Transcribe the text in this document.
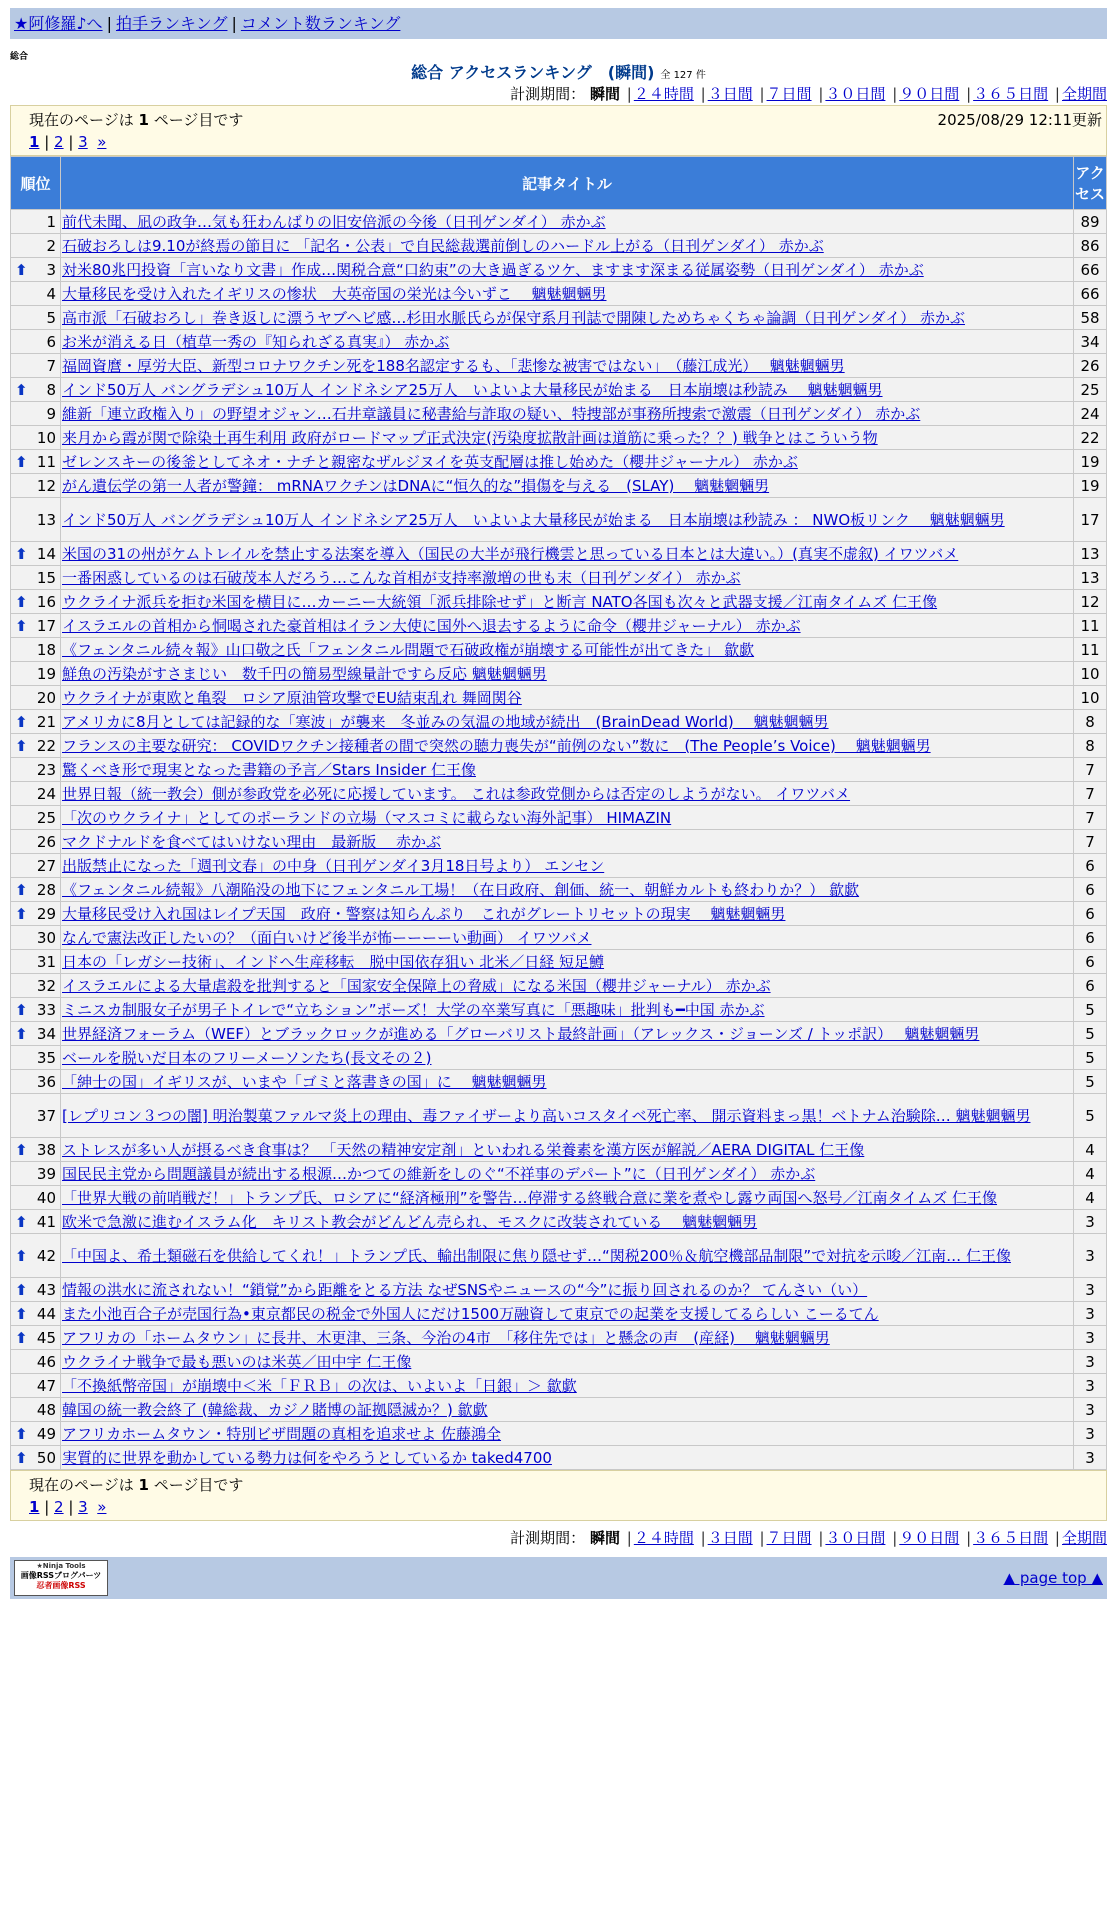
★阿修羅♪へ | 拍手ランキング | コメント数ランキング
総合
総合 アクセスランキング　(瞬間) 全 127 件
計測期間： 瞬間 | ２４時間 | ３日間 | ７日間 | ３０日間 | ９０日間 | ３６５日間 | 全期間
現在のページは 1 ページ目です	2025/08/29 12:11更新
1 | 2 | 3 »
順位	記事タイトル	アクセス
1	前代未聞、凪の政争…気も狂わんばりの旧安倍派の今後（日刊ゲンダイ） 赤かぶ	89
2	石破おろしは9.10が終焉の節目に 「記名・公表」で自民総裁選前倒しのハードル上がる（日刊ゲンダイ） 赤かぶ	86

⬆ 3	対米80兆円投資「言いなり文書」作成…関税合意“口約束”の大き過ぎるツケ、ますます深まる従属姿勢（日刊ゲンダイ） 赤かぶ	66
4	大量移民を受け入れたイギリスの惨状　大英帝国の栄光は今いずこ　 魑魅魍魎男	66
5	高市派「石破おろし」巻き返しに漂うヤブヘビ感…杉田水脈氏らが保守系月刊誌で開陳しためちゃくちゃ論調（日刊ゲンダイ） 赤かぶ	58
6	お米が消える日（植草一秀の『知られざる真実』） 赤かぶ	34
7	福岡資麿・厚労大臣、新型コロナワクチン死を188名認定するも、「悲惨な被害ではない」　（藤江成光）　 魑魅魍魎男	26

⬆ 8	インド50万人 バングラデシュ10万人 インドネシア25万人　いよいよ大量移民が始まる　日本崩壊は秒読み　 魑魅魍魎男	25
9	維新「連立政権入り」の野望オジャン…石井章議員に秘書給与詐取の疑い、特捜部が事務所捜索で激震（日刊ゲンダイ） 赤かぶ	24
10	来月から霞が関で除染土再生利用 政府がロードマップ正式決定(汚染度拡散計画は道筋に乗った？？) 戦争とはこういう物	22

⬆ 11	ゼレンスキーの後釜としてネオ・ナチと親密なザルジヌイを英支配層は推し始めた（櫻井ジャーナル） 赤かぶ	19
12	がん遺伝学の第一人者が警鐘： mRNAワクチンはDNAに“恒久的な”損傷を与える　(SLAY)　 魑魅魍魎男	19
13	インド50万人 バングラデシュ10万人 インドネシア25万人　いよいよ大量移民が始まる　日本崩壊は秒読み ： NWO板リンク　 魑魅魍魎男	17

⬆ 14	米国の31の州がケムトレイルを禁止する法案を導入（国民の大半が飛行機雲と思っている日本とは大違い。）(真実不虚叙) イワツバメ	13
15	一番困惑しているのは石破茂本人だろう…こんな首相が支持率激増の世も末（日刊ゲンダイ） 赤かぶ	13

⬆ 16	ウクライナ派兵を拒む米国を横目に…カーニー大統領「派兵排除せず」と断言 NATO各国も次々と武器支援／江南タイムズ 仁王像	12

⬆ 17	イスラエルの首相から恫喝された豪首相はイラン大使に国外へ退去するように命令（櫻井ジャーナル） 赤かぶ	11
18	《フェンタニル続々報》山口敬之氏「フェンタニル問題で石破政権が崩壊する可能性が出てきた」 歙歔	11
19	鮮魚の汚染がすさまじい　数千円の簡易型線量計ですら反応 魑魅魍魎男	10
20	ウクライナが東欧と亀裂　ロシア原油管攻撃でEU結束乱れ 舞岡関谷	10

⬆ 21	アメリカに8月としては記録的な「寒波」が襲来　冬並みの気温の地域が続出　(BrainDead World)　 魑魅魍魎男	8

⬆ 22	フランスの主要な研究： COVIDワクチン接種者の間で突然の聴力喪失が“前例のない”数に　(The People’s Voice)　 魑魅魍魎男	8
23	驚くべき形で現実となった書籍の予言／Stars Insider 仁王像	7
24	世界日報（統一教会）側が参政党を必死に応援しています。 これは参政党側からは否定のしようがない。 イワツバメ	7
25	「次のウクライナ」としてのポーランドの立場（マスコミに載らない海外記事） HIMAZIN	7
26	マクドナルドを食べてはいけない理由　最新版　 赤かぶ	7
27	出版禁止になった「週刊文春」の中身（日刊ゲンダイ3月18日号より） エンセン	6

⬆ 28	《フェンタニル続報》八潮陥没の地下にフェンタニル工場！（在日政府、創価、統一、朝鮮カルトも終わりか？） 歙歔	6

⬆ 29	大量移民受け入れ国はレイプ天国　政府・警察は知らんぷり　これがグレートリセットの現実　 魑魅魍魎男	6
30	なんで憲法改正したいの？（面白いけど後半が怖ーーーーい動画） イワツバメ	6
31	日本の「レガシー技術」、インドへ生産移転　脱中国依存狙い 北米／日経 短足鱒	6
32	イスラエルによる大量虐殺を批判すると「国家安全保障上の脅威」になる米国（櫻井ジャーナル） 赤かぶ	6

⬆ 33	ミニスカ制服女子が男子トイレで“立ちション”ポーズ！大学の卒業写真に「悪趣味」批判も━中国 赤かぶ	5

⬆ 34	世界経済フォーラム（WEF）とブラックロックが進める「グローバリスト最終計画」（アレックス・ジョーンズ / トッポ訳）　 魑魅魍魎男	5
35	ベールを脱いだ日本のフリーメーソンたち(長文その２)	5
36	「紳士の国」イギリスが、いまや「ゴミと落書きの国」に　 魑魅魍魎男	5
37	[レプリコン３つの闇] 明治製菓ファルマ炎上の理由、毒ファイザーより高いコスタイベ死亡率、 開示資料まっ黒！ベトナム治験除… 魑魅魍魎男	5

⬆ 38	ストレスが多い人が摂るべき食事は？ 「天然の精神安定剤」といわれる栄養素を漢方医が解説／AERA DIGITAL 仁王像	4
39	国民民主党から問題議員が続出する根源…かつての維新をしのぐ“不祥事のデパート”に（日刊ゲンダイ） 赤かぶ	4
40	「世界大戦の前哨戦だ！」トランプ氏、ロシアに“経済極刑”を警告…停滞する終戦合意に業を煮やし露ウ両国へ怒号／江南タイムズ 仁王像	4

⬆ 41	欧米で急激に進むイスラム化　キリスト教会がどんどん売られ、モスクに改装されている　 魑魅魍魎男	3

⬆ 42	「中国よ、希土類磁石を供給してくれ！」トランプ氏、輸出制限に焦り隠せず…“関税200％＆航空機部品制限”で対抗を示唆／江南… 仁王像	3

⬆ 43	情報の洪水に流されない！“鎖覚”から距離をとる方法 なぜSNSやニュースの“今”に振り回されるのか？ てんさい（い）	3

⬆ 44	また小池百合子が売国行為•東京都民の税金で外国人にだけ1500万融資して東京での起業を支援してるらしい こーるてん	3

⬆ 45	アフリカの「ホームタウン」に長井、木更津、三条、今治の4市　「移住先では」と懸念の声　(産経)　 魑魅魍魎男	3
46	ウクライナ戦争で最も悪いのは米英／田中宇 仁王像	3
47	「不換紙幣帝国」が崩壊中＜米「ＦＲＢ」の次は、いよいよ「日銀」＞ 歙歔	3
48	韓国の統一教会終了 (韓総裁、カジノ賭博の証拠隠滅か？) 歙歔	3

⬆ 49	アフリカホームタウン・特別ビザ問題の真相を追求せよ 佐藤鴻全	3

⬆ 50	実質的に世界を動かしている勢力は何をやろうとしているか taked4700	3
現在のページは 1 ページ目です
1 | 2 | 3 »
計測期間： 瞬間 | ２４時間 | ３日間 | ７日間 | ３０日間 | ９０日間 | ３６５日間 | 全期間
★Ninja Tools
画像RSSブログパーツ
忍者画像RSS	▲ page top ▲
